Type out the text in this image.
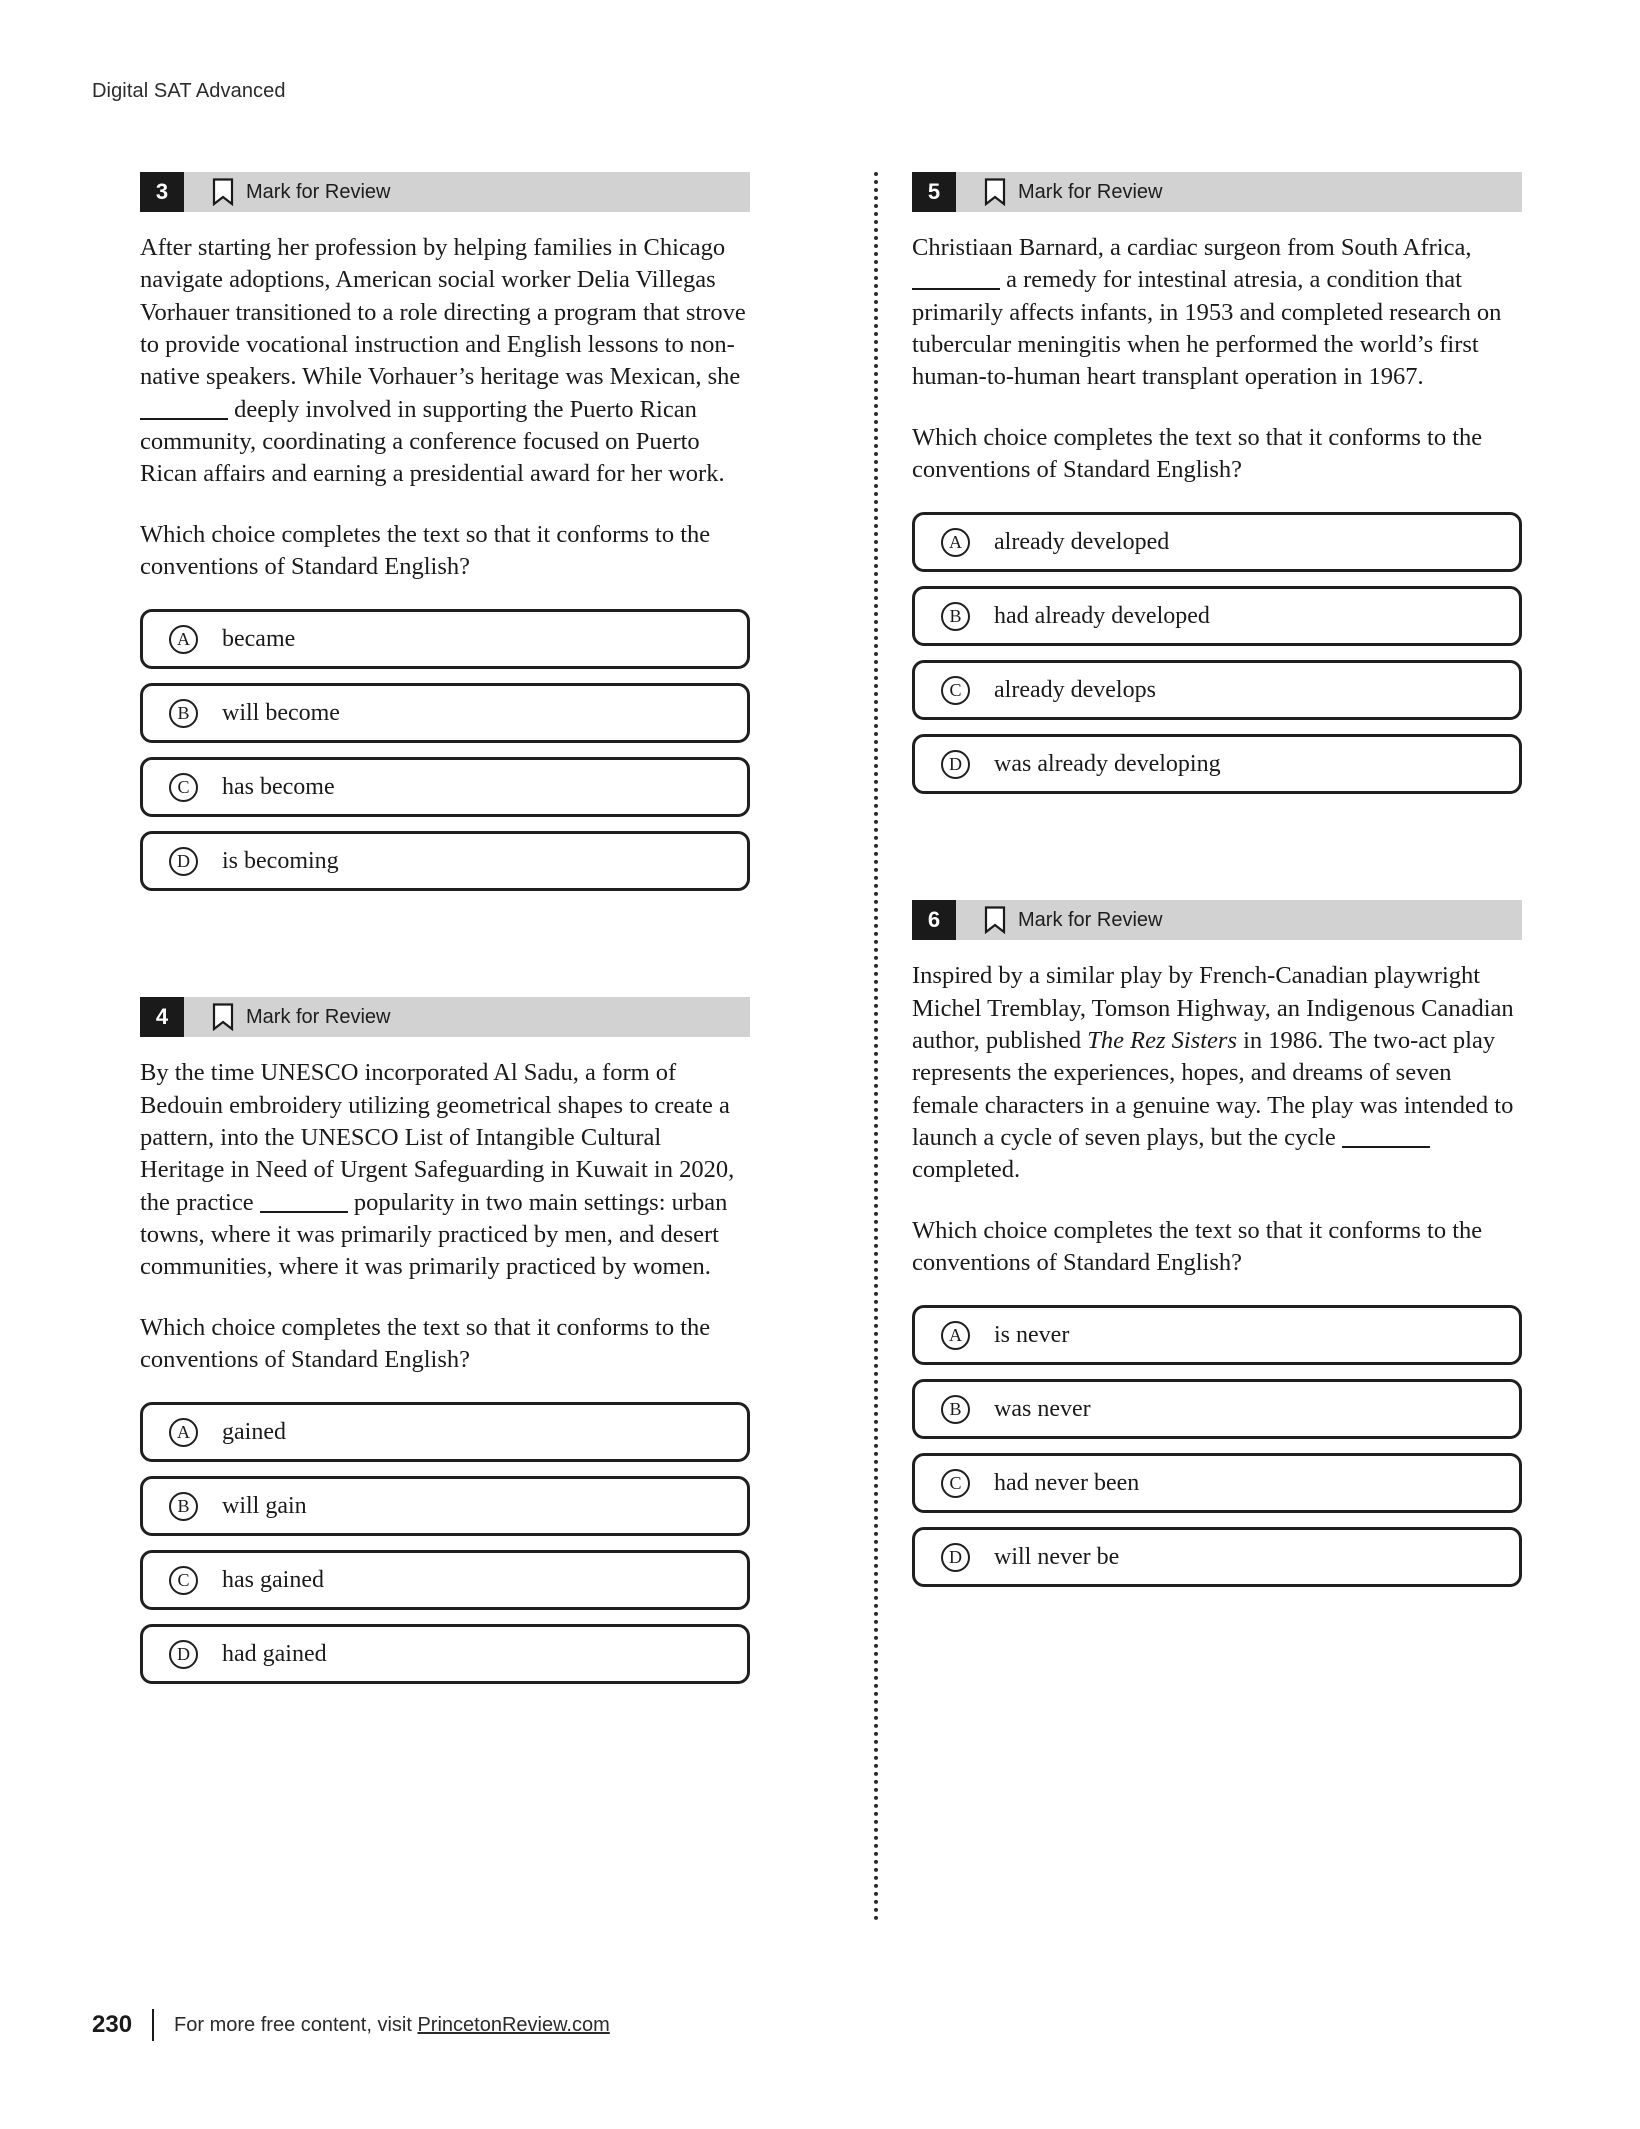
Digital SAT Advanced
3	Mark for Review

After starting her profession by helping families in Chicago navigate adoptions, American social worker Delia Villegas Vorhauer transitioned to a role directing a program that strove to provide vocational instruction and English lessons to non-native speakers. While Vorhauer’s heritage was Mexican, she  deeply involved in supporting the Puerto Rican community, coordinating a conference focused on Puerto Rican affairs and earning a presidential award for her work.

Which choice completes the text so that it conforms to the conventions of Standard English?

A	became
B	will become
C	has become
D	is becoming
4	Mark for Review

By the time UNESCO incorporated Al Sadu, a form of Bedouin embroidery utilizing geometrical shapes to create a pattern, into the UNESCO List of Intangible Cultural Heritage in Need of Urgent Safeguarding in Kuwait in 2020, the practice	popularity in two main settings: urban towns, where it was primarily practiced by men, and desert communities, where it was primarily practiced by women.

Which choice completes the text so that it conforms to the conventions of Standard English?

A	gained
B	will gain
C	has gained
D	had gained
5	Mark for Review

Christiaan Barnard, a cardiac surgeon from South Africa,  a remedy for intestinal atresia, a condition that primarily affects infants, in 1953 and completed research on tubercular meningitis when he performed the world’s first human-to-human heart transplant operation in 1967.

Which choice completes the text so that it conforms to the conventions of Standard English?

A	already developed
B	had already developed
C	already develops
D	was already developing
6	Mark for Review

Inspired by a similar play by French-Canadian playwright Michel Tremblay, Tomson Highway, an Indigenous Canadian author, published The Rez Sisters in 1986. The two-act play represents the experiences, hopes, and dreams of seven female characters in a genuine way. The play was intended to launch a cycle of seven plays, but the cycle  completed.

Which choice completes the text so that it conforms to the conventions of Standard English?

A	is never
B	was never
C	had never been
D	will never be
230 For more free content, visit PrincetonReview.com
